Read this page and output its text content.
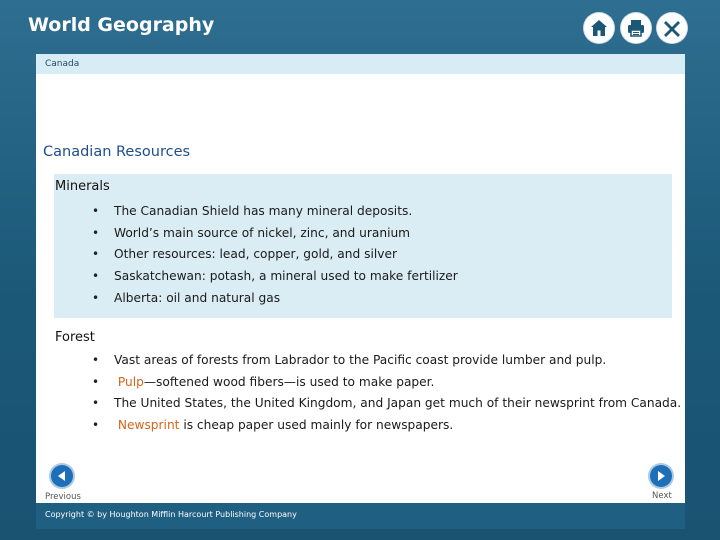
World Geography
Canada
Canadian Resources
Minerals
• The Canadian Shield has many mineral deposits.
• World’s main source of nickel, zinc, and uranium
• Other resources: lead, copper, gold, and silver
• Saskatchewan: potash, a mineral used to make fertilizer
• Alberta: oil and natural gas
Forest
• Vast areas of forests from Labrador to the Pacific coast provide lumber and pulp.
• Pulp—softened wood fibers—is used to make paper.
• The United States, the United Kingdom, and Japan get much of their newsprint from Canada.
• Newsprint is cheap paper used mainly for newspapers.
Previous	Next
Copyright © by Houghton Mifflin Harcourt Publishing Company
